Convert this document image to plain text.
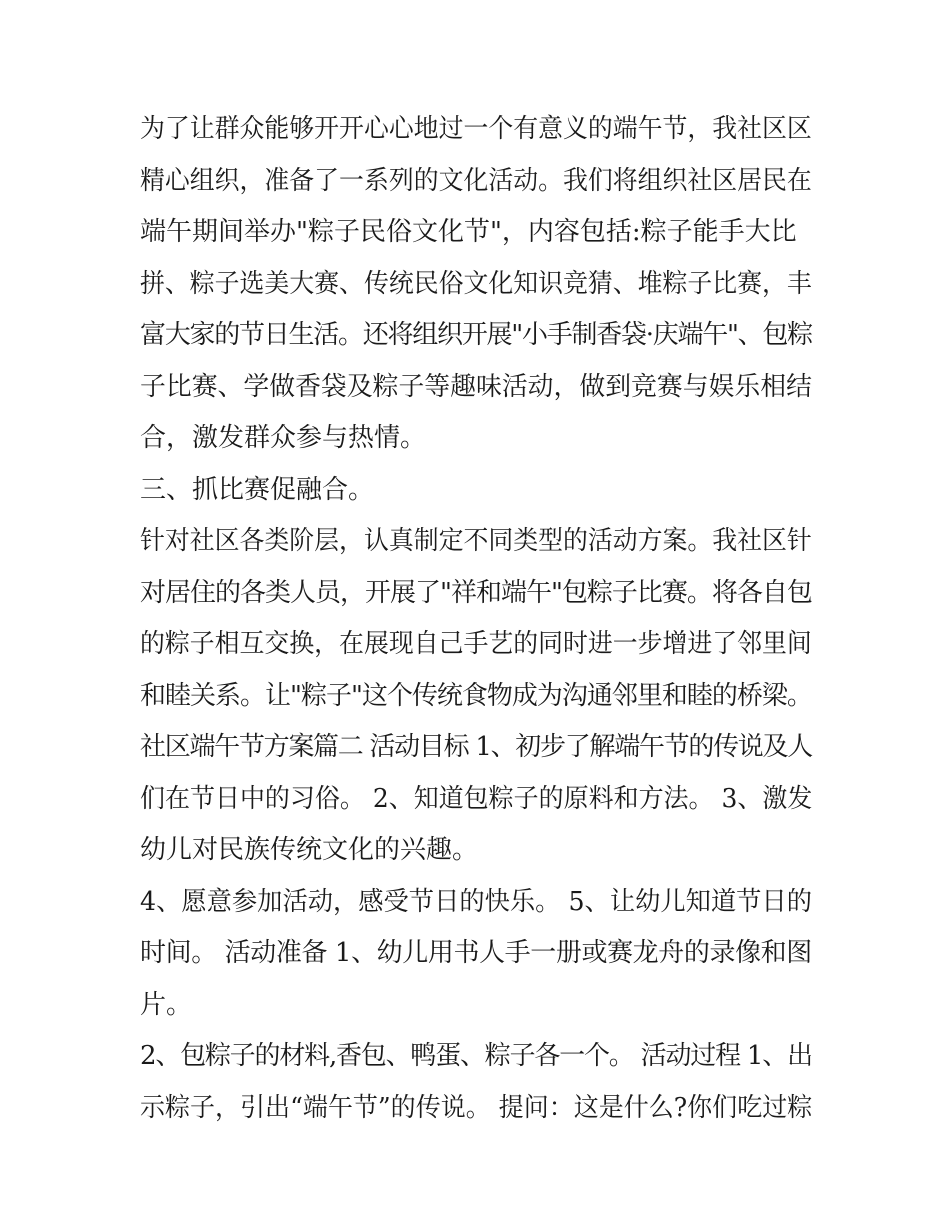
为了让群众能够开开心心地过一个有意义的端午节，我社区区
精心组织，准备了一系列的文化活动。我们将组织社区居民在
端午期间举办"粽子民俗文化节"，内容包括:粽子能手大比
拼、粽子选美大赛、传统民俗文化知识竞猜、堆粽子比赛，丰
富大家的节日生活。还将组织开展"小手制香袋·庆端午"、包粽
子比赛、学做香袋及粽子等趣味活动，做到竞赛与娱乐相结
合，激发群众参与热情。
三、抓比赛促融合。
针对社区各类阶层，认真制定不同类型的活动方案。我社区针
对居住的各类人员，开展了"祥和端午"包粽子比赛。将各自包
的粽子相互交换，在展现自己手艺的同时进一步增进了邻里间
和睦关系。让"粽子"这个传统食物成为沟通邻里和睦的桥梁。
社区端午节方案篇二 活动目标 1、初步了解端午节的传说及人
们在节日中的习俗。 2、知道包粽子的原料和方法。 3、激发
幼儿对民族传统文化的兴趣。
4、愿意参加活动，感受节日的快乐。 5、让幼儿知道节日的
时间。 活动准备 1、幼儿用书人手一册或赛龙舟的录像和图
片。
2、包粽子的材料,香包、鸭蛋、粽子各一个。 活动过程 1、出
示粽子，引出“端午节”的传说。 提问：这是什么?你们吃过粽
